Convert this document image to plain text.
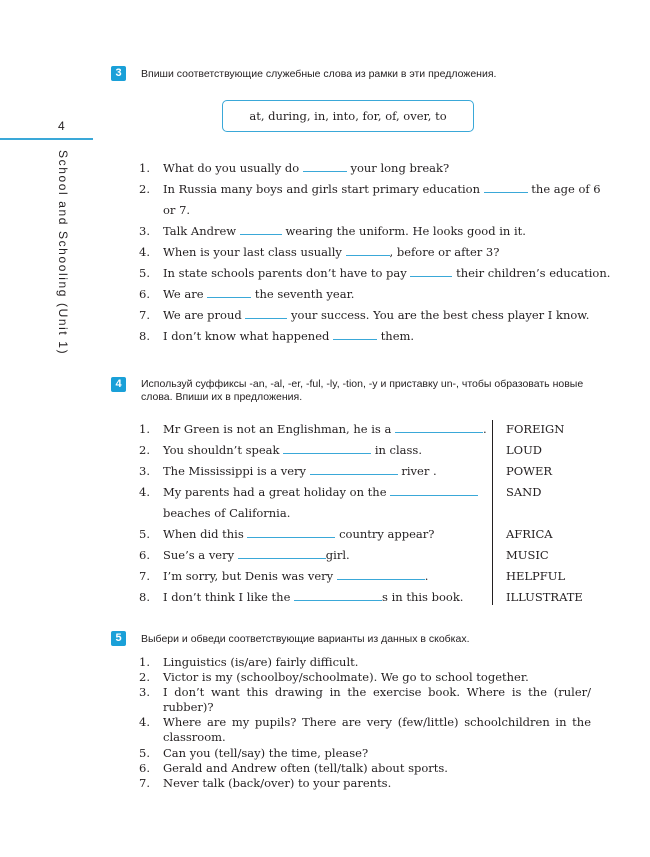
4
School and Schooling (Unit 1)
3	Впиши соответствующие служебные слова из рамки в эти предложения.
at, during, in, into, for, of, over, to
1. What do you usually do	your long break?
2. In Russia many boys and girls start primary education	the age of 6
or 7.
3. Talk Andrew	wearing the uniform. He looks good in it.
4. When is your last class usually	, before or after 3?
5. In state schools parents don’t have to pay	their children’s education.
6. We are	the seventh year.
7. We are proud	your success. You are the best chess player I know.
8. I don’t know what happened	them.
4	Используй суффиксы -an, -al, -er, -ful, -ly, -tion, -y и приставку un-, чтобы образовать новые слова. Впиши их в предложения.
1. Mr Green is not an Englishman, he is a	. FOREIGN
2. You shouldn’t speak	in class.	LOUD
3. The Mississippi is a very	river .	POWER
4. My parents had a great holiday on the	SAND
beaches of California.
5. When did this	country appear?	AFRICA
6. Sue’s a very	girl.	MUSIC
7. I’m sorry, but Denis was very	.	HELPFUL
8. I don’t think I like the	s in this book.	ILLUSTRATE
5	Выбери и обведи соответствующие варианты из данных в скобках.
1. Linguistics (is/are) fairly difficult.
2. Victor is my (schoolboy/schoolmate). We go to school together.
3. I don’t want this drawing in the exercise book. Where is the (ruler/ rubber)?
4. Where are my pupils? There are very (few/little) schoolchildren in the classroom.
5. Can you (tell/say) the time, please?
6. Gerald and Andrew often (tell/talk) about sports.
7. Never talk (back/over) to your parents.
